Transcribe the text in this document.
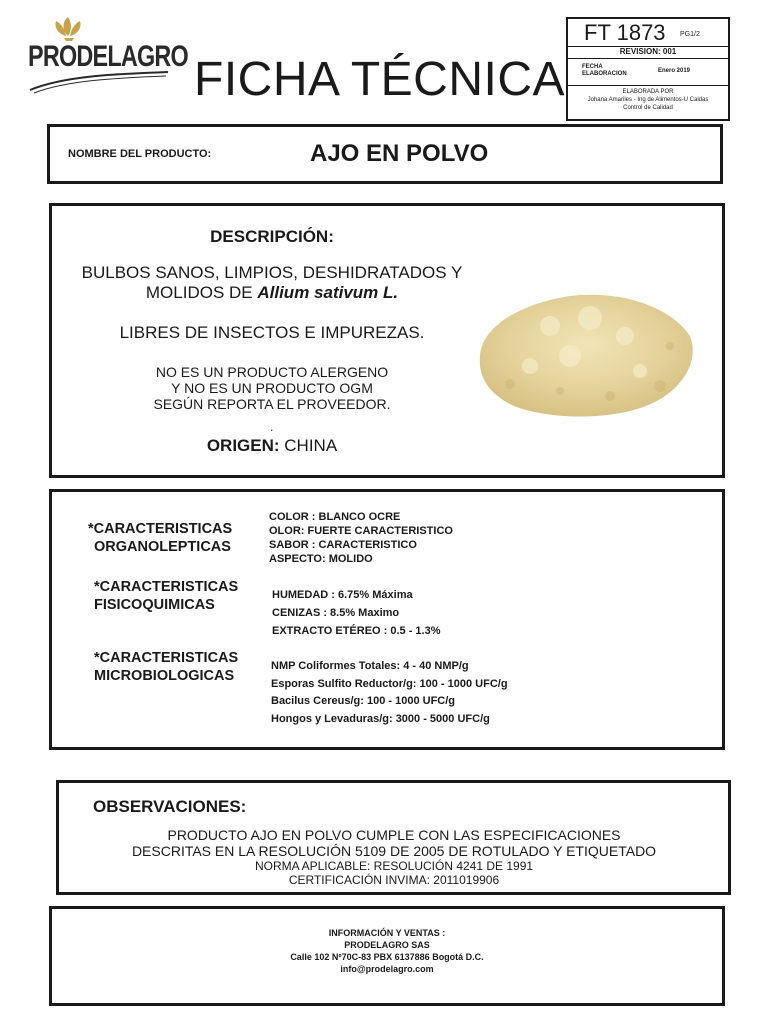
PRODELAGRO FICHA TÉCNICA
FT 1873 PG1/2
REVISION: 001
FECHA
ELABORACION	Enero 2019
ELABORADA POR
Johana Amariles - Ing de Alimentos-U Caldas
Control de Calidad
NOMBRE DEL PRODUCTO:	AJO EN POLVO
DESCRIPCIÓN:
BULBOS SANOS, LIMPIOS, DESHIDRATADOS Y
MOLIDOS DE Allium sativum L.
LIBRES DE INSECTOS E IMPUREZAS.
NO ES UN PRODUCTO ALERGENO
Y NO ES UN PRODUCTO OGM
SEGÚN REPORTA EL PROVEEDOR.
.
ORIGEN: CHINA
*CARACTERISTICAS
ORGANOLEPTICAS
COLOR : BLANCO OCRE
OLOR: FUERTE CARACTERISTICO
SABOR : CARACTERISTICO
ASPECTO: MOLIDO
*CARACTERISTICAS
FISICOQUIMICAS
HUMEDAD : 6.75% Máxima
CENIZAS : 8.5% Maximo
EXTRACTO ETÉREO : 0.5 - 1.3%
*CARACTERISTICAS
MICROBIOLOGICAS
NMP Coliformes Totales: 4 - 40 NMP/g
Esporas Sulfito Reductor/g: 100 - 1000 UFC/g
Bacilus Cereus/g: 100 - 1000 UFC/g
Hongos y Levaduras/g: 3000 - 5000 UFC/g
OBSERVACIONES:
PRODUCTO AJO EN POLVO CUMPLE CON LAS ESPECIFICACIONES
DESCRITAS EN LA RESOLUCIÓN 5109 DE 2005 DE ROTULADO Y ETIQUETADO
NORMA APLICABLE: RESOLUCIÓN 4241 DE 1991
CERTIFICACIÓN INVIMA: 2011019906
INFORMACIÓN Y VENTAS :
PRODELAGRO SAS
Calle 102 Nº70C-83 PBX 6137886 Bogotá D.C.
info@prodelagro.com
